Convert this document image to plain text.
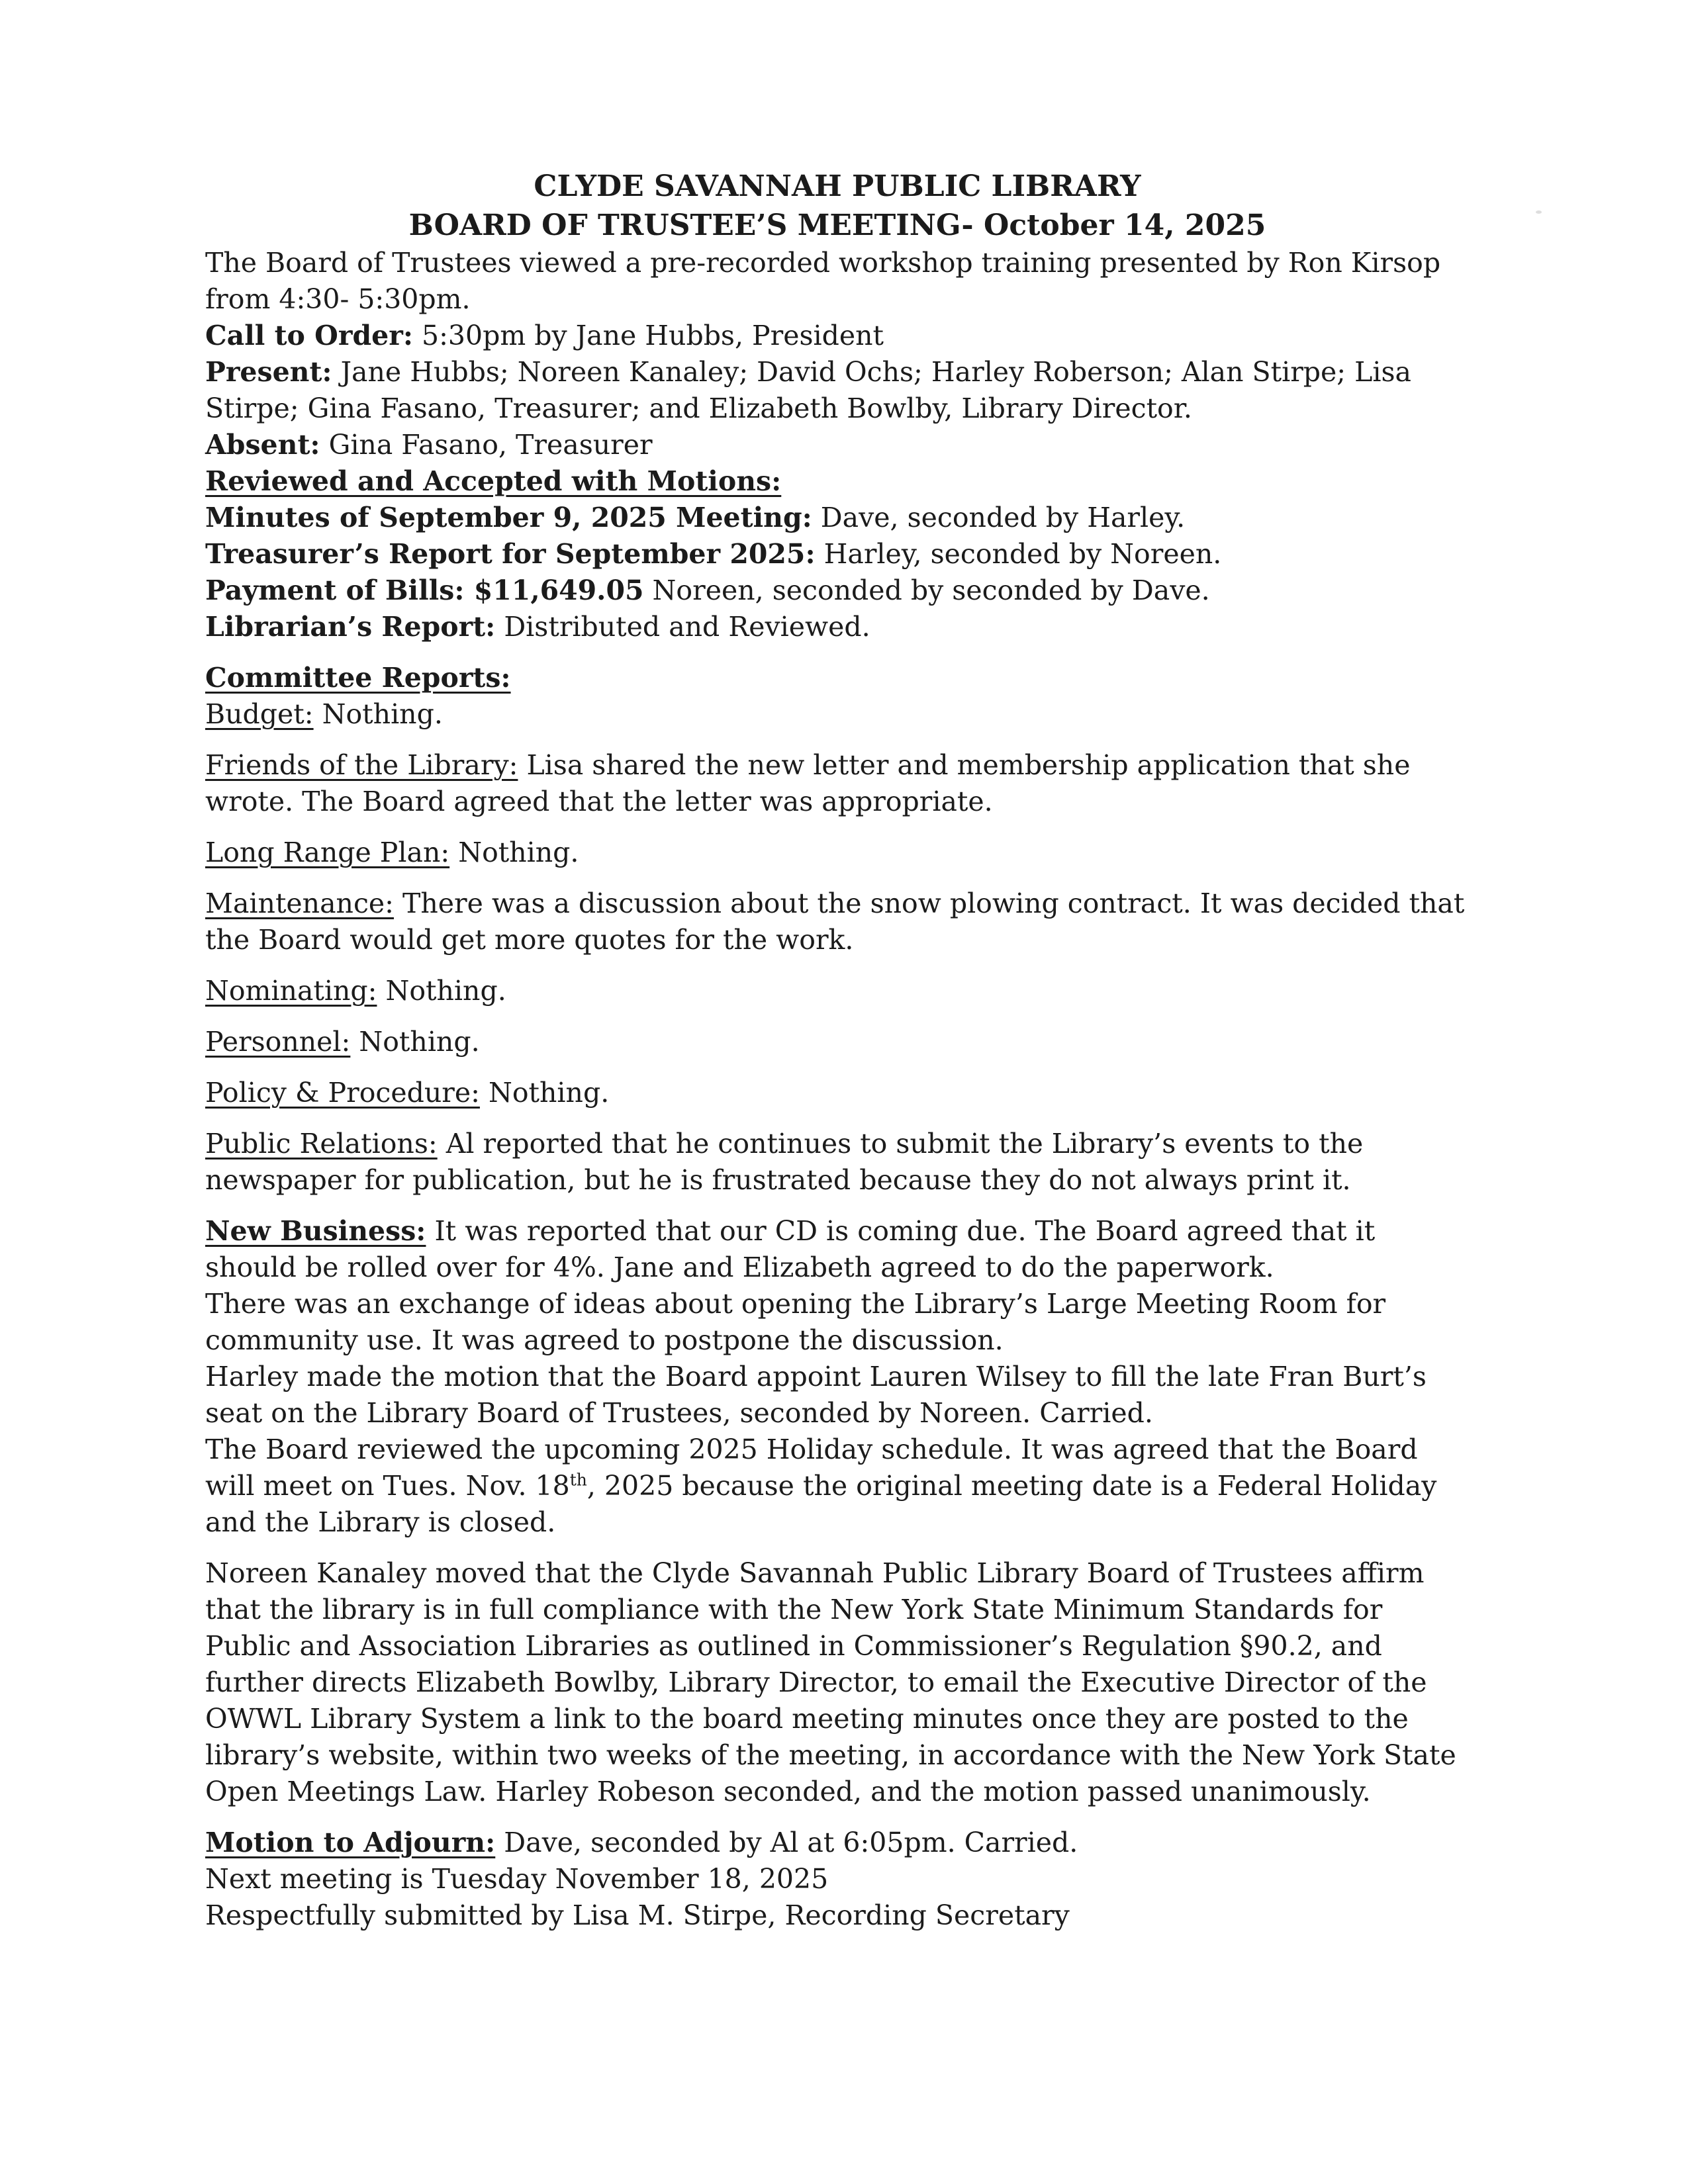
CLYDE SAVANNAH PUBLIC LIBRARY
BOARD OF TRUSTEE’S MEETING- October 14, 2025

The Board of Trustees viewed a pre-recorded workshop training presented by Ron Kirsop from 4:30- 5:30pm.

Call to Order: 5:30pm by Jane Hubbs, President

Present: Jane Hubbs; Noreen Kanaley; David Ochs; Harley Roberson; Alan Stirpe; Lisa Stirpe; Gina Fasano, Treasurer; and Elizabeth Bowlby, Library Director.

Absent: Gina Fasano, Treasurer

Reviewed and Accepted with Motions:

Minutes of September 9, 2025 Meeting: Dave, seconded by Harley.

Treasurer’s Report for September 2025: Harley, seconded by Noreen.

Payment of Bills: $11,649.05 Noreen, seconded by seconded by Dave.

Librarian’s Report: Distributed and Reviewed.

Committee Reports:

Budget: Nothing.

Friends of the Library: Lisa shared the new letter and membership application that she wrote. The Board agreed that the letter was appropriate.

Long Range Plan: Nothing.

Maintenance: There was a discussion about the snow plowing contract. It was decided that the Board would get more quotes for the work.

Nominating: Nothing.

Personnel: Nothing.

Policy & Procedure: Nothing.

Public Relations: Al reported that he continues to submit the Library’s events to the newspaper for publication, but he is frustrated because they do not always print it.

New Business: It was reported that our CD is coming due. The Board agreed that it should be rolled over for 4%. Jane and Elizabeth agreed to do the paperwork.

There was an exchange of ideas about opening the Library’s Large Meeting Room for community use. It was agreed to postpone the discussion.

Harley made the motion that the Board appoint Lauren Wilsey to fill the late Fran Burt’s seat on the Library Board of Trustees, seconded by Noreen. Carried.

The Board reviewed the upcoming 2025 Holiday schedule. It was agreed that the Board will meet on Tues. Nov. 18th, 2025 because the original meeting date is a Federal Holiday and the Library is closed.

Noreen Kanaley moved that the Clyde Savannah Public Library Board of Trustees affirm that the library is in full compliance with the New York State Minimum Standards for Public and Association Libraries as outlined in Commissioner’s Regulation §90.2, and further directs Elizabeth Bowlby, Library Director, to email the Executive Director of the OWWL Library System a link to the board meeting minutes once they are posted to the library’s website, within two weeks of the meeting, in accordance with the New York State Open Meetings Law. Harley Robeson seconded, and the motion passed unanimously.

Motion to Adjourn: Dave, seconded by Al at 6:05pm. Carried.

Next meeting is Tuesday November 18, 2025

Respectfully submitted by Lisa M. Stirpe, Recording Secretary
